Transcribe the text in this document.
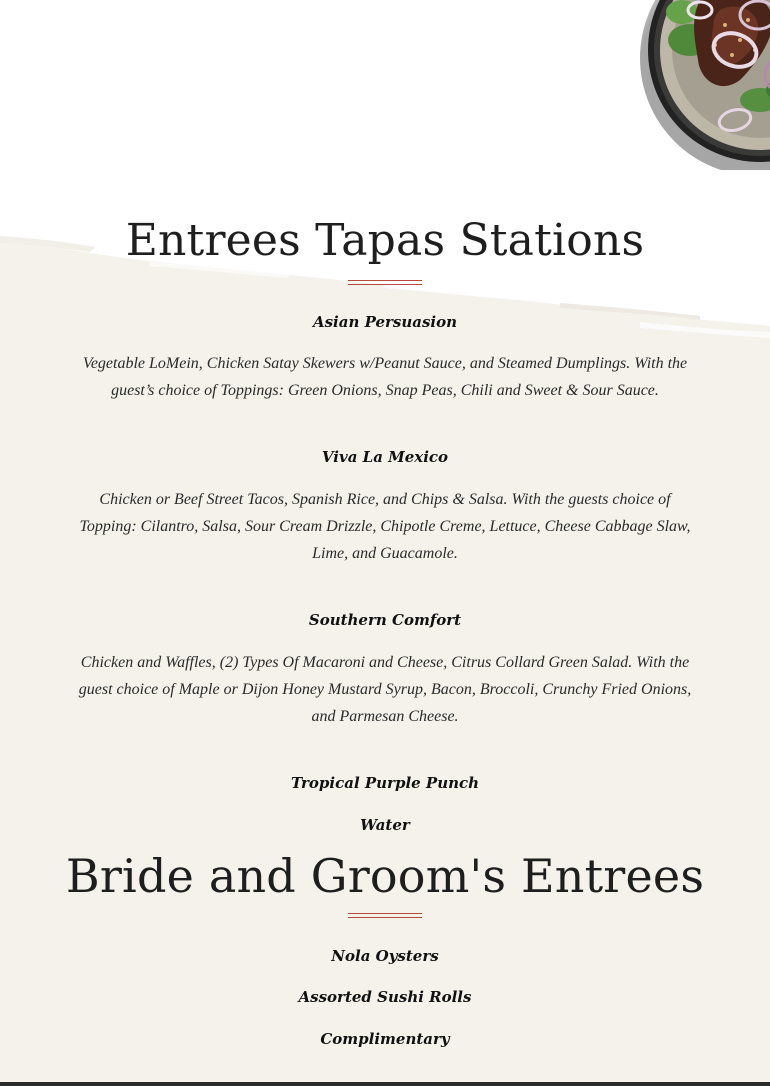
Entrees Tapas Stations
Asian Persuasion

Vegetable LoMein, Chicken Satay Skewers w/Peanut Sauce, and Steamed Dumplings. With the guest’s choice of Toppings: Green Onions, Snap Peas, Chili and Sweet & Sour Sauce.

Viva La Mexico

Chicken or Beef Street Tacos, Spanish Rice, and Chips & Salsa. With the guests choice of Topping: Cilantro, Salsa, Sour Cream Drizzle, Chipotle Creme, Lettuce, Cheese Cabbage Slaw, Lime, and Guacamole.

Southern Comfort

Chicken and Waffles, (2) Types Of Macaroni and Cheese, Citrus Collard Green Salad. With the guest choice of Maple or Dijon Honey Mustard Syrup, Bacon, Broccoli, Crunchy Fried Onions, and Parmesan Cheese.

Tropical Purple Punch
Water
Bride and Groom's Entrees
Nola Oysters
Assorted Sushi Rolls
Complimentary
